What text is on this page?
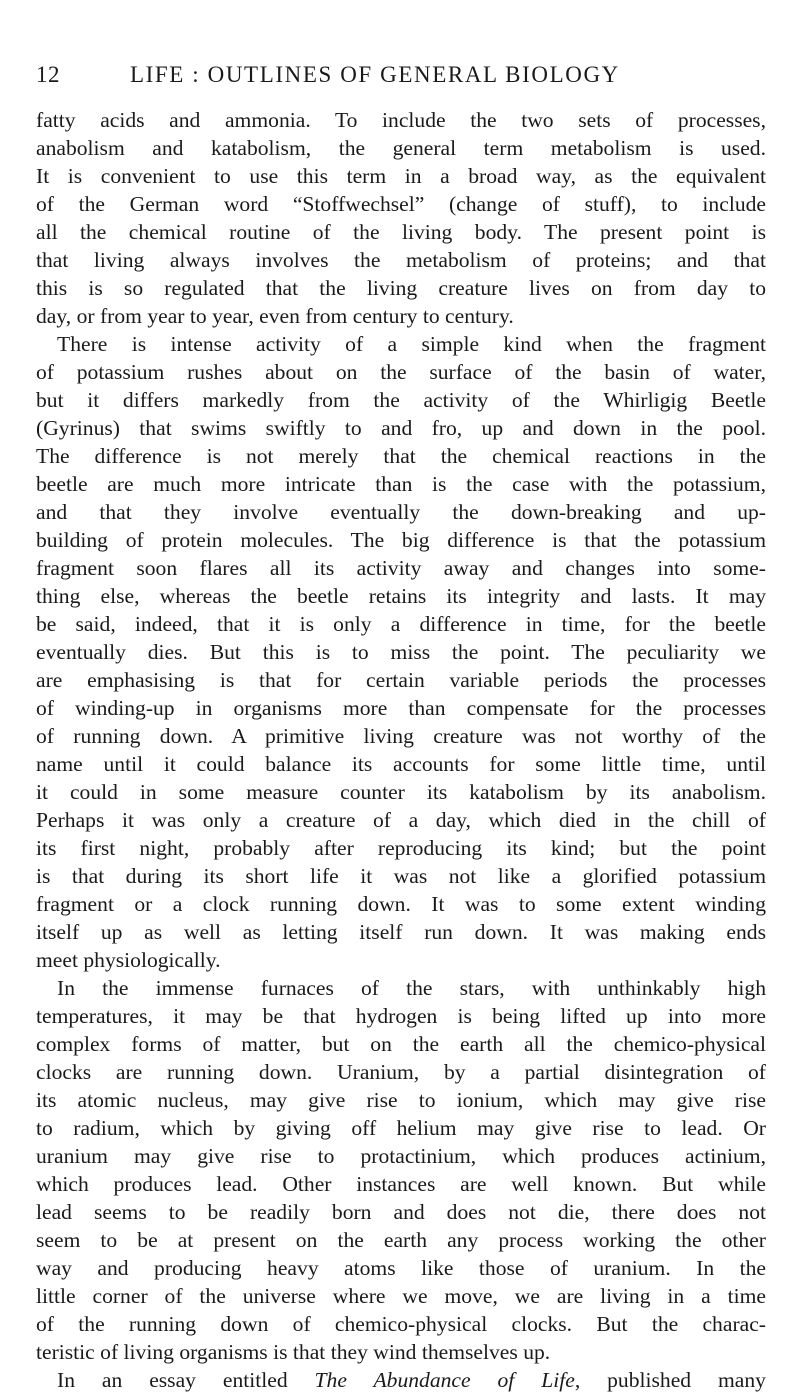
12	LIFE : OUTLINES OF GENERAL BIOLOGY
fatty acids and ammonia. To include the two sets of processes,
anabolism and katabolism, the general term metabolism is used.
It is convenient to use this term in a broad way, as the equivalent
of the German word “Stoffwechsel” (change of stuff), to include
all the chemical routine of the living body. The present point is
that living always involves the metabolism of proteins; and that
this is so regulated that the living creature lives on from day to
day, or from year to year, even from century to century.
There is intense activity of a simple kind when the fragment
of potassium rushes about on the surface of the basin of water,
but it differs markedly from the activity of the Whirligig Beetle
(Gyrinus) that swims swiftly to and fro, up and down in the pool.
The difference is not merely that the chemical reactions in the
beetle are much more intricate than is the case with the potassium,
and that they involve eventually the down-breaking and up-
building of protein molecules. The big difference is that the potassium
fragment soon flares all its activity away and changes into some-
thing else, whereas the beetle retains its integrity and lasts. It may
be said, indeed, that it is only a difference in time, for the beetle
eventually dies. But this is to miss the point. The peculiarity we
are emphasising is that for certain variable periods the processes
of winding-up in organisms more than compensate for the processes
of running down. A primitive living creature was not worthy of the
name until it could balance its accounts for some little time, until
it could in some measure counter its katabolism by its anabolism.
Perhaps it was only a creature of a day, which died in the chill of
its first night, probably after reproducing its kind; but the point
is that during its short life it was not like a glorified potassium
fragment or a clock running down. It was to some extent winding
itself up as well as letting itself run down. It was making ends
meet physiologically.
In the immense furnaces of the stars, with unthinkably high
temperatures, it may be that hydrogen is being lifted up into more
complex forms of matter, but on the earth all the chemico-physical
clocks are running down. Uranium, by a partial disintegration of
its atomic nucleus, may give rise to ionium, which may give rise
to radium, which by giving off helium may give rise to lead. Or
uranium may give rise to protactinium, which produces actinium,
which produces lead. Other instances are well known. But while
lead seems to be readily born and does not die, there does not
seem to be at present on the earth any process working the other
way and producing heavy atoms like those of uranium. In the
little corner of the universe where we move, we are living in a time
of the running down of chemico-physical clocks. But the charac-
teristic of living organisms is that they wind themselves up.
In an essay entitled The Abundance of Life, published many
